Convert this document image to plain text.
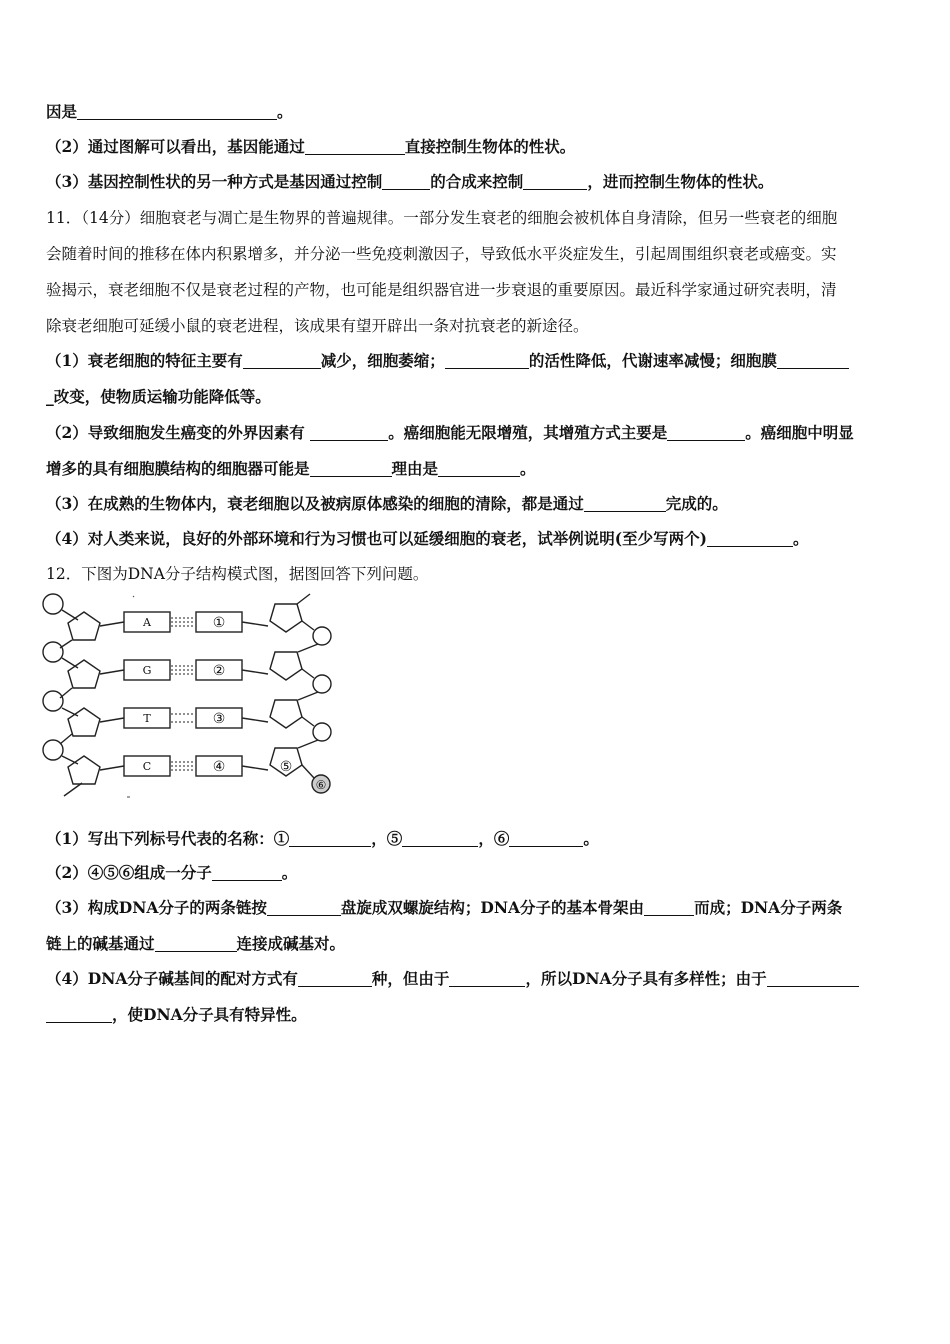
因是	。
（2）通过图解可以看出，基因能通过	直接控制生物体的性状。
（3）基因控制性状的另一种方式是基因通过控制	的合成来控制	，进而控制生物体的性状。
11．（14分）细胞衰老与凋亡是生物界的普遍规律。一部分发生衰老的细胞会被机体自身清除，但另一些衰老的细胞
会随着时间的推移在体内积累增多，并分泌一些免疫刺激因子，导致低水平炎症发生，引起周围组织衰老或癌变。实
验揭示，衰老细胞不仅是衰老过程的产物，也可能是组织器官进一步衰退的重要原因。最近科学家通过研究表明，清
除衰老细胞可延缓小鼠的衰老进程，该成果有望开辟出一条对抗衰老的新途径。
（1）衰老细胞的特征主要有	减少，细胞萎缩；	的活性降低，代谢速率减慢；细胞膜
_改变，使物质运输功能降低等。
（2）导致细胞发生癌变的外界因素有	。癌细胞能无限增殖，其增殖方式主要是	。癌细胞中明显
增多的具有细胞膜结构的细胞器可能是	理由是	。
（3）在成熟的生物体内，衰老细胞以及被病原体感染的细胞的清除，都是通过	完成的。
（4）对人类来说，良好的外部环境和行为习惯也可以延缓细胞的衰老，试举例说明(至少写两个)	。
12．下图为DNA分子结构模式图，据图回答下列问题。
A
G
T
C
①
②
③
④	⑤
⑥
（1）写出下列标号代表的名称：①	，⑤	，⑥	。
（2）④⑤⑥组成一分子	。
（3）构成DNA分子的两条链按	盘旋成双螺旋结构；DNA分子的基本骨架由	而成；DNA分子两条
链上的碱基通过	连接成碱基对。
（4）DNA分子碱基间的配对方式有	种，但由于	，所以DNA分子具有多样性；由于
，使DNA分子具有特异性。
